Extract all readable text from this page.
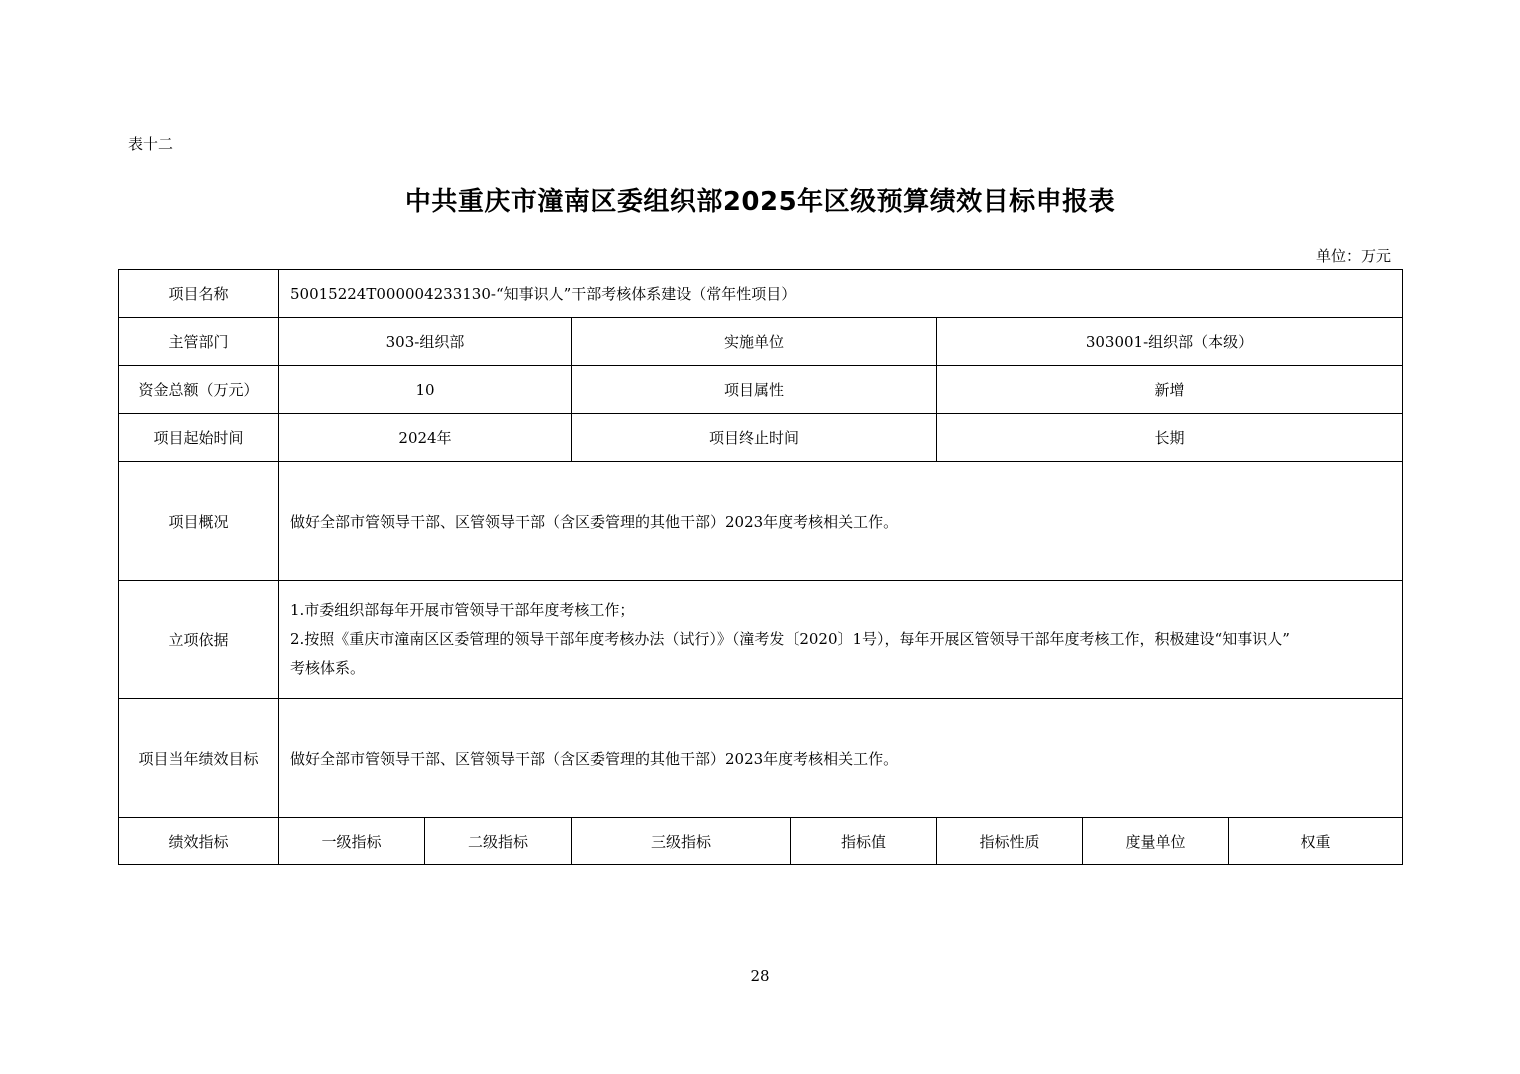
表十二
中共重庆市潼南区委组织部2025年区级预算绩效目标申报表
单位：万元
项目名称	50015224T000004233130-“知事识人”干部考核体系建设（常年性项目）						
主管部门	303-组织部		实施单位		303001-组织部（本级）		
资金总额（万元）	10		项目属性		新增		
项目起始时间	2024年		项目终止时间		长期		
项目概况	做好全部市管领导干部、区管领导干部（含区委管理的其他干部）2023年度考核相关工作。						
立项依据	1.市委组织部每年开展市管领导干部年度考核工作；
2.按照《重庆市潼南区区委管理的领导干部年度考核办法（试行）》（潼考发〔2020〕1号），每年开展区管领导干部年度考核工作，积极建设“知事识人”
考核体系。						

项目当年绩效目标	做好全部市管领导干部、区管领导干部（含区委管理的其他干部）2023年度考核相关工作。						
绩效指标	一级指标	二级指标	三级指标	指标值	指标性质	度量单位	权重
28
